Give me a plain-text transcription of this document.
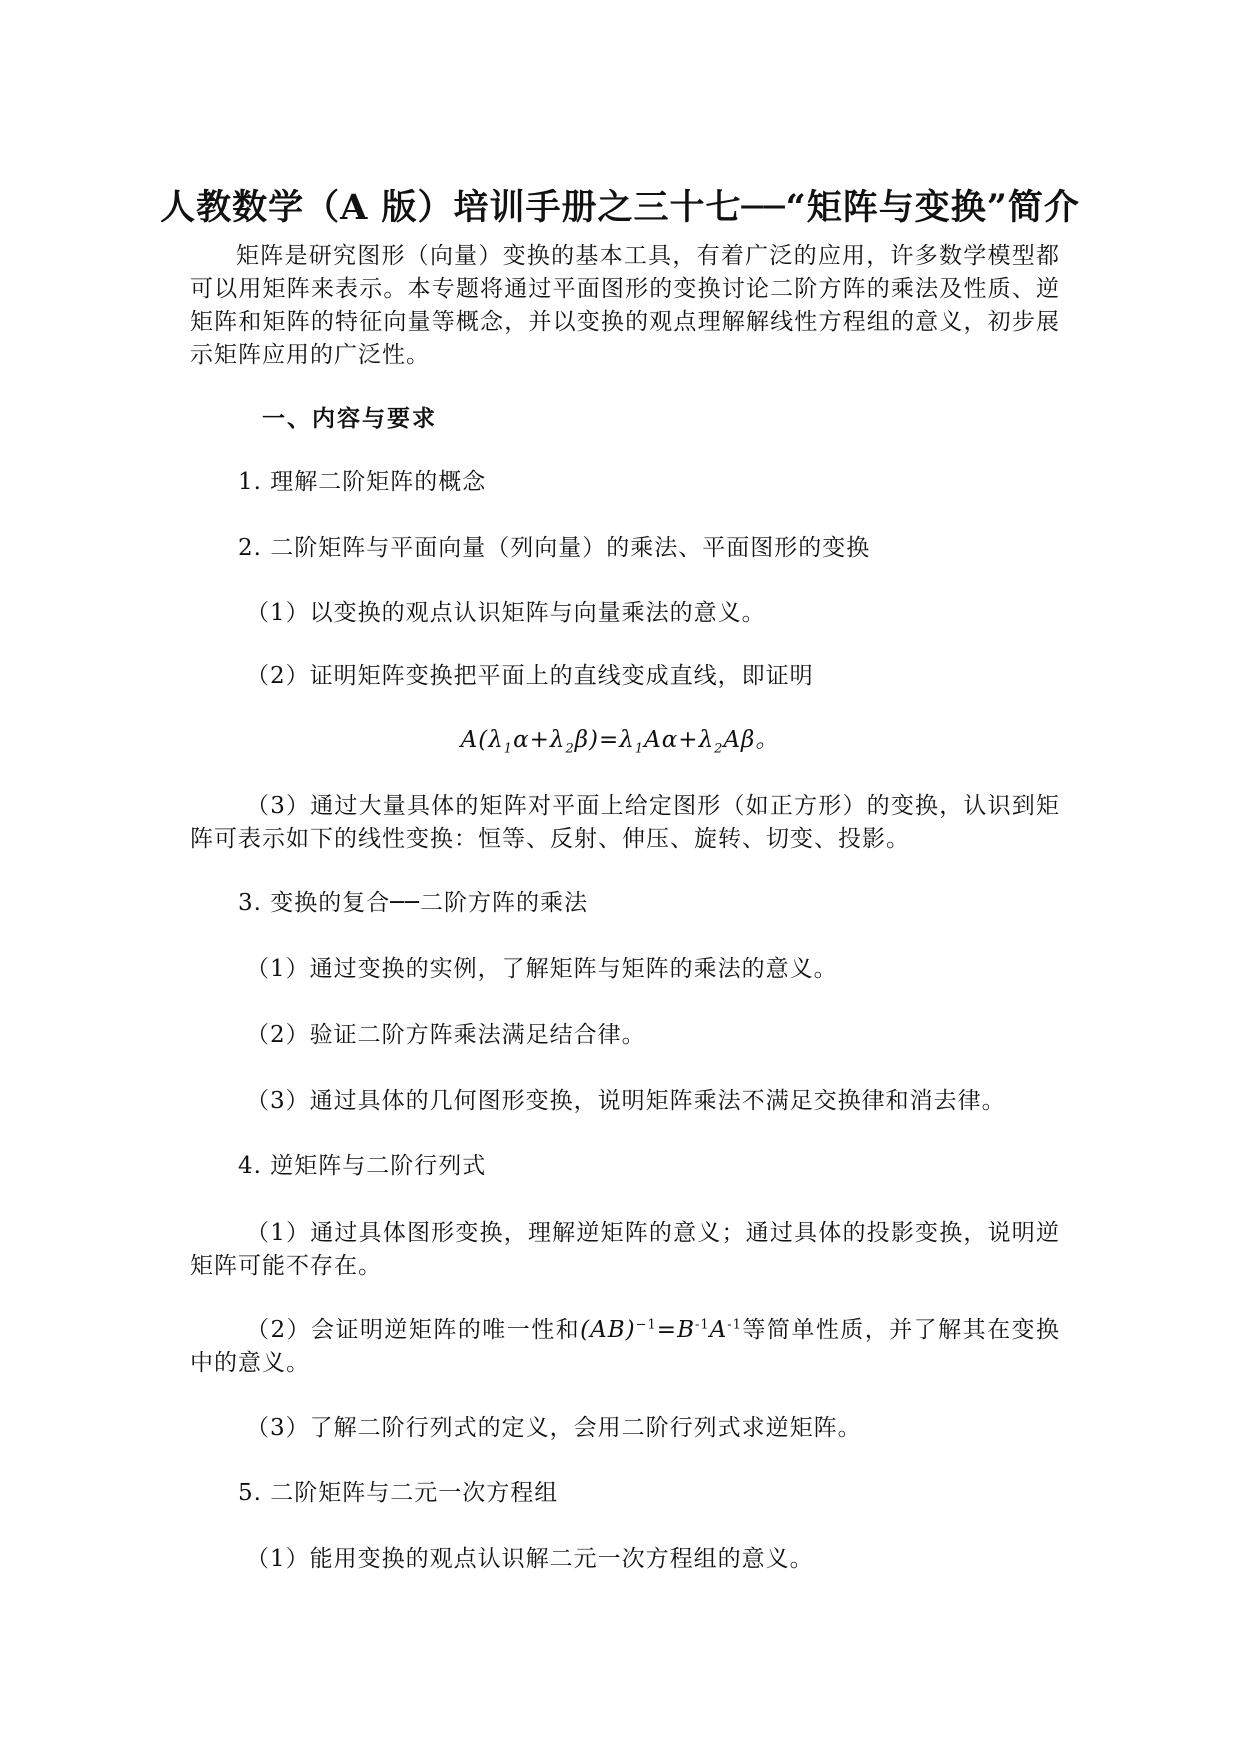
人教数学（A 版）培训手册之三十七──“矩阵与变换”简介
矩阵是研究图形（向量）变换的基本工具，有着广泛的应用，许多数学模型都可以用矩阵来表示。本专题将通过平面图形的变换讨论二阶方阵的乘法及性质、逆矩阵和矩阵的特征向量等概念，并以变换的观点理解解线性方程组的意义，初步展示矩阵应用的广泛性。
一、内容与要求
1. 理解二阶矩阵的概念
2. 二阶矩阵与平面向量（列向量）的乘法、平面图形的变换
（1）以变换的观点认识矩阵与向量乘法的意义。
（2）证明矩阵变换把平面上的直线变成直线，即证明
$A(\lambda_1\alpha+\lambda_2\beta)=\lambda_1A\alpha+\lambda_2A\beta$。
（3）通过大量具体的矩阵对平面上给定图形（如正方形）的变换，认识到矩阵可表示如下的线性变换：恒等、反射、伸压、旋转、切变、投影。
3. 变换的复合──二阶方阵的乘法
（1）通过变换的实例，了解矩阵与矩阵的乘法的意义。
（2）验证二阶方阵乘法满足结合律。
（3）通过具体的几何图形变换，说明矩阵乘法不满足交换律和消去律。
4. 逆矩阵与二阶行列式
（1）通过具体图形变换，理解逆矩阵的意义；通过具体的投影变换，说明逆矩阵可能不存在。
（2）会证明逆矩阵的唯一性和$(AB)^{-1}=B^{-1}A^{-1}$等简单性质，并了解其在变换中的意义。
（3）了解二阶行列式的定义，会用二阶行列式求逆矩阵。
5. 二阶矩阵与二元一次方程组
（1）能用变换的观点认识解二元一次方程组的意义。
